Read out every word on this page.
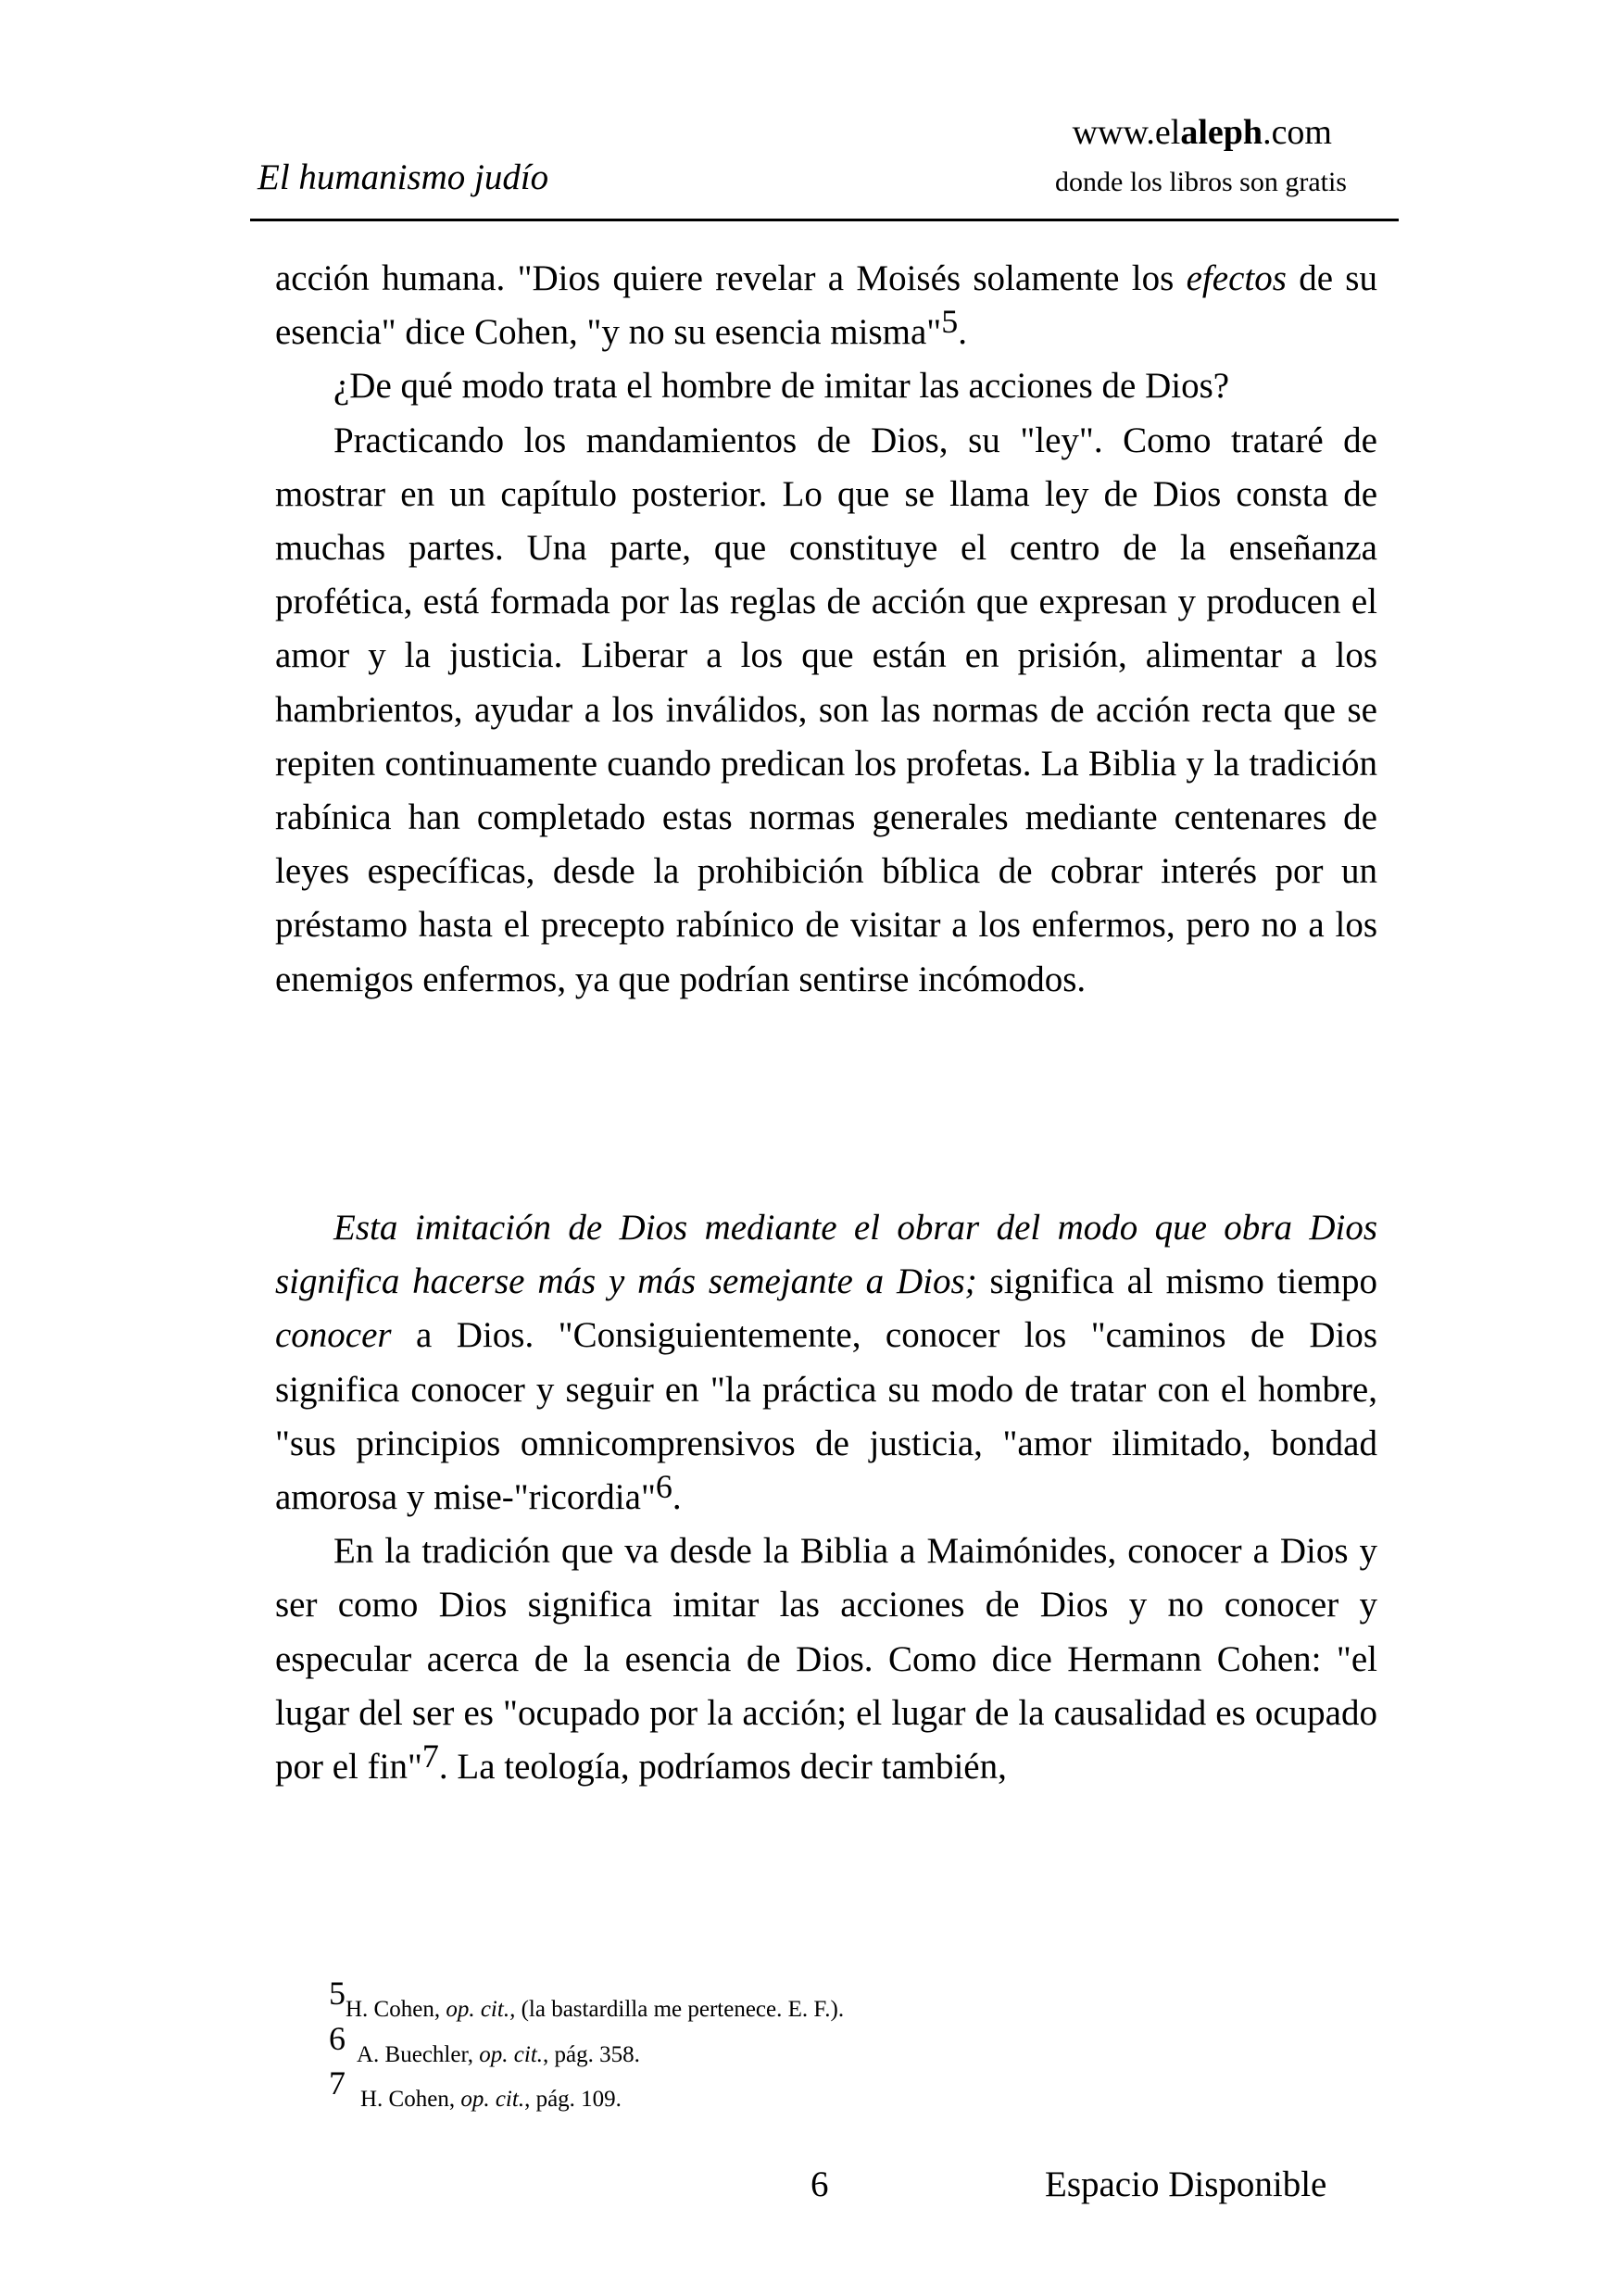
El humanismo judío
www.elaleph.com
donde los libros son gratis

acción humana. "Dios quiere revelar a Moisés solamente los efectos de su esencia" dice Cohen, "y no su esencia misma"$^5$.

¿De qué modo trata el hombre de imitar las acciones de Dios?

Practicando los mandamientos de Dios, su "ley". Como trataré de mostrar en un capítulo posterior. Lo que se llama ley de Dios consta de muchas partes. Una parte, que constituye el centro de la enseñanza profética, está formada por las reglas de acción que expresan y producen el amor y la justicia. Liberar a los que están en prisión, alimentar a los hambrientos, ayudar a los inválidos, son las normas de acción recta que se repiten continuamente cuando predican los profetas. La Biblia y la tradición rabínica han completado estas normas generales mediante centenares de leyes específicas, desde la prohibición bíblica de cobrar interés por un préstamo hasta el precepto rabínico de visitar a los enfermos, pero no a los enemigos enfermos, ya que podrían sentirse incómodos.

Esta imitación de Dios mediante el obrar del modo que obra Dios significa hacerse más y más semejante a Dios; significa al mismo tiempo conocer a Dios. "Consiguientemente, conocer los "caminos de Dios significa conocer y seguir en "la práctica su modo de tratar con el hombre, "sus principios omnicomprensivos de justicia, "amor ilimitado, bondad amorosa y mise-"ricordia"$^6$.

En la tradición que va desde la Biblia a Maimónides, conocer a Dios y ser como Dios significa imitar las acciones de Dios y no conocer y especular acerca de la esencia de Dios. Como dice Hermann Cohen: "el lugar del ser es "ocupado por la acción; el lugar de la causalidad es ocupado por el fin"$^7$. La teología, podríamos decir también,

5 H. Cohen, op. cit., (la bastardilla me pertenece. E. F.).
6 A. Buechler, op. cit., pág. 358.
7 H. Cohen, op. cit., pág. 109.
6	Espacio Disponible
